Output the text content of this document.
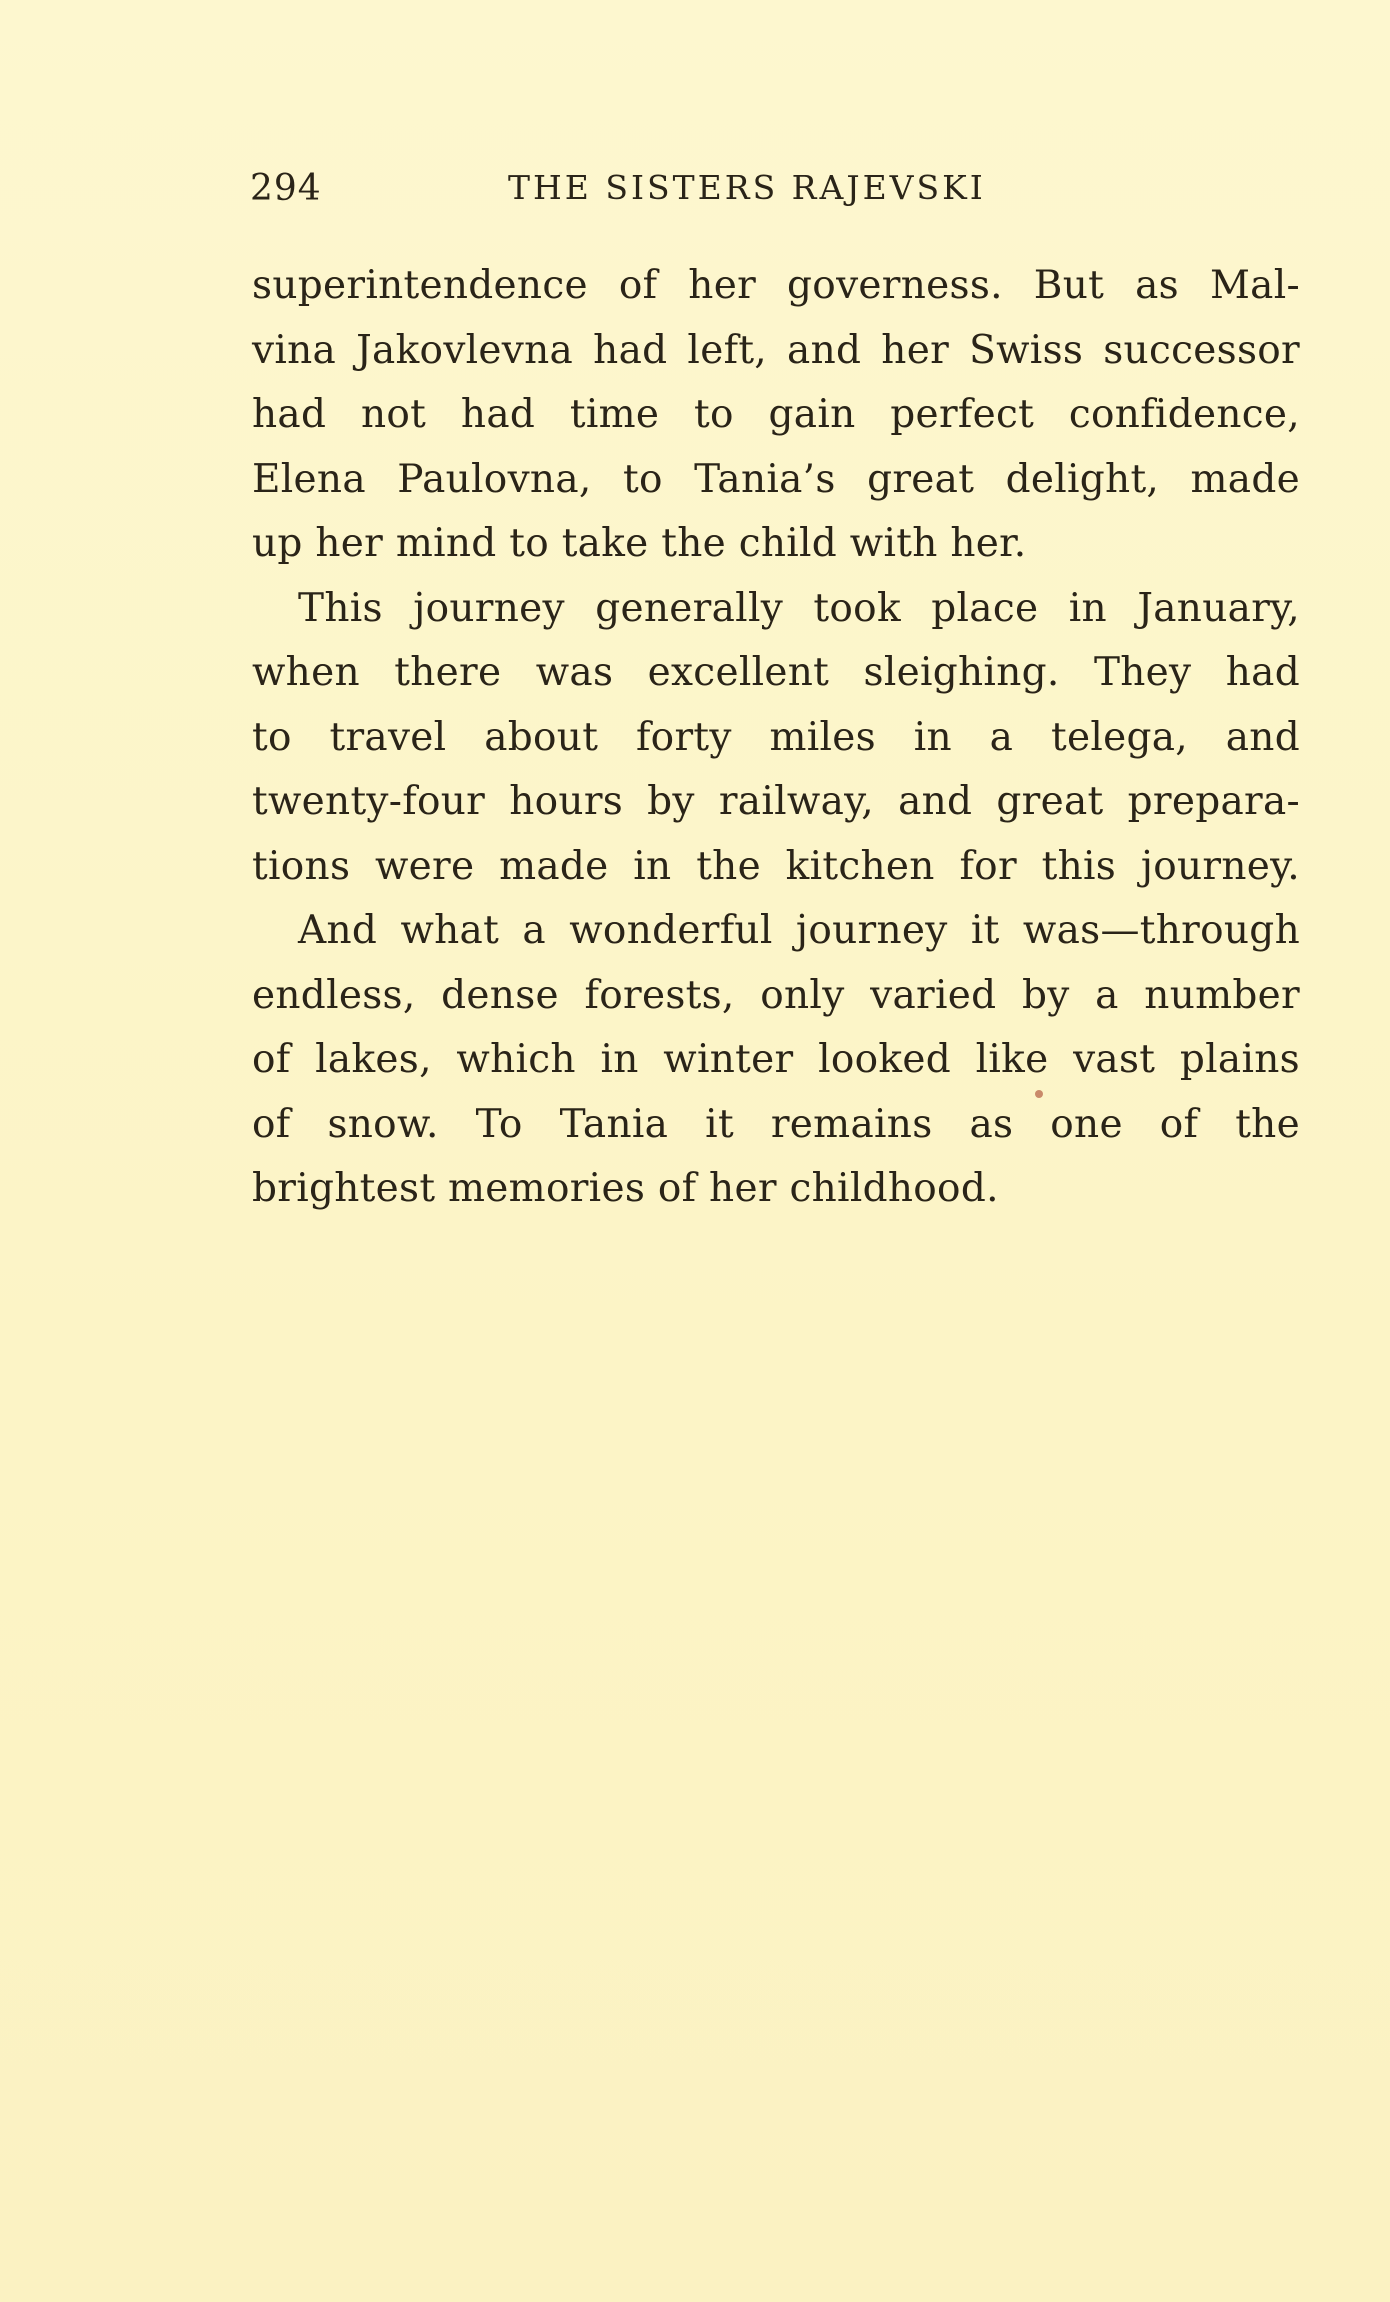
294	THE SISTERS RAJEVSKI
superintendence of her governess. But as Mal-
vina Jakovlevna had left, and her Swiss successor
had not had time to gain perfect confidence,
Elena Paulovna, to Tania’s great delight, made
up her mind to take the child with her.
This journey generally took place in January,
when there was excellent sleighing. They had
to travel about forty miles in a telega, and
twenty-four hours by railway, and great prepara-
tions were made in the kitchen for this journey.
And what a wonderful journey it was—through
endless, dense forests, only varied by a number
of lakes, which in winter looked like vast plains
of snow. To Tania it remains as one of the
brightest memories of her childhood.
